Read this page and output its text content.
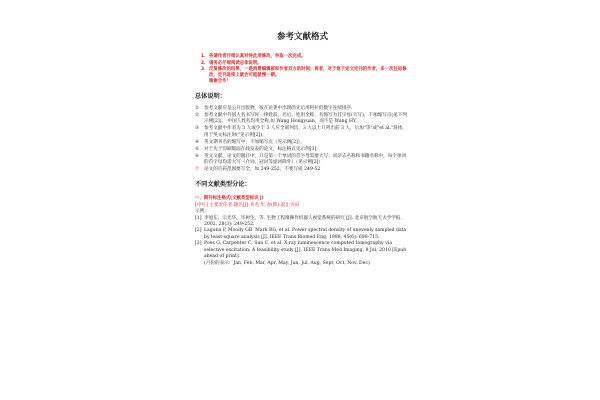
参考文献格式
1. 务请作者仔细认真对待此项修改，争取一次完成。
2. 请务必仔细阅读总体说明。
3. 反复修改的结果，一是消费编辑部和作者双方的时间；再者，对于急于论文定刊的作者，多一次往返修改，定刊进度上就会可能就慢一期。
谢谢合作！
总体说明：
①	参考文献应是公开出版物，按在论著中出现的先后用阿拉伯数字连续排序.
②	参考文献中外国人名书写时一律姓前，名后，姓用全称，名缩写为首字母(大写)，不加缩写点(见下列示例[2])。 中国人姓名均用全称,如 Wang Hongyuan，而不是 Wang HY。
③	参考文献中作者为 3 人或少于 3 人应全部列出，3 人以上只列出前 3 人，后加"等"或"et al."斜体，用于英文标注时("见示例[2])。
④	英文期刊名的缩写中，不加缩写点（见示例[2]）。
⑤	对于先于印刷版面在线发表的论文，标注格式见示例[3]
⑥	英文文献，论文的题目中，只是第一个单词的首字母需要大写；而杂志名称和书籍名称中，每个单词的首字母均需大写（介词、冠词等虚词除外）（见示例[2]）
⑦	论文的页码范围要写全，如 249-252，不要写成 249-52
不同文献类型分论：
一、期刊标注格式(文献类型标识 J)
[序号] 主要责任者.题名[J].刊名,年,卷(期):起止页码
示例：
[1] 李旭东，宗光华，毕树生，等. 生物工程微操作机器人视觉系统的研究 [J]. 北京航空航天大学学报, 2002, 28(3): 249-252.
[2] Laguna P, Moody GB, Mark RG, et al. Power spectral density of unevenly sampled data by least-square analysis [J]. IEEE Trans Biomed Eng, 1998, 45(6): 698-715.
[3] Poes G, Carpenter C, Sun C, et al. X-ray luminescence computed tomography via selective excitation: A feasibility study [J]. IEEE Trans Med Imaging, 8 Jul, 2010 [Epub ahead of print].
(月份的表示：Jan, Feb, Mar, Apr, May, Jun, Jul, Aug, Sept, Oct, Nov, Dec)
